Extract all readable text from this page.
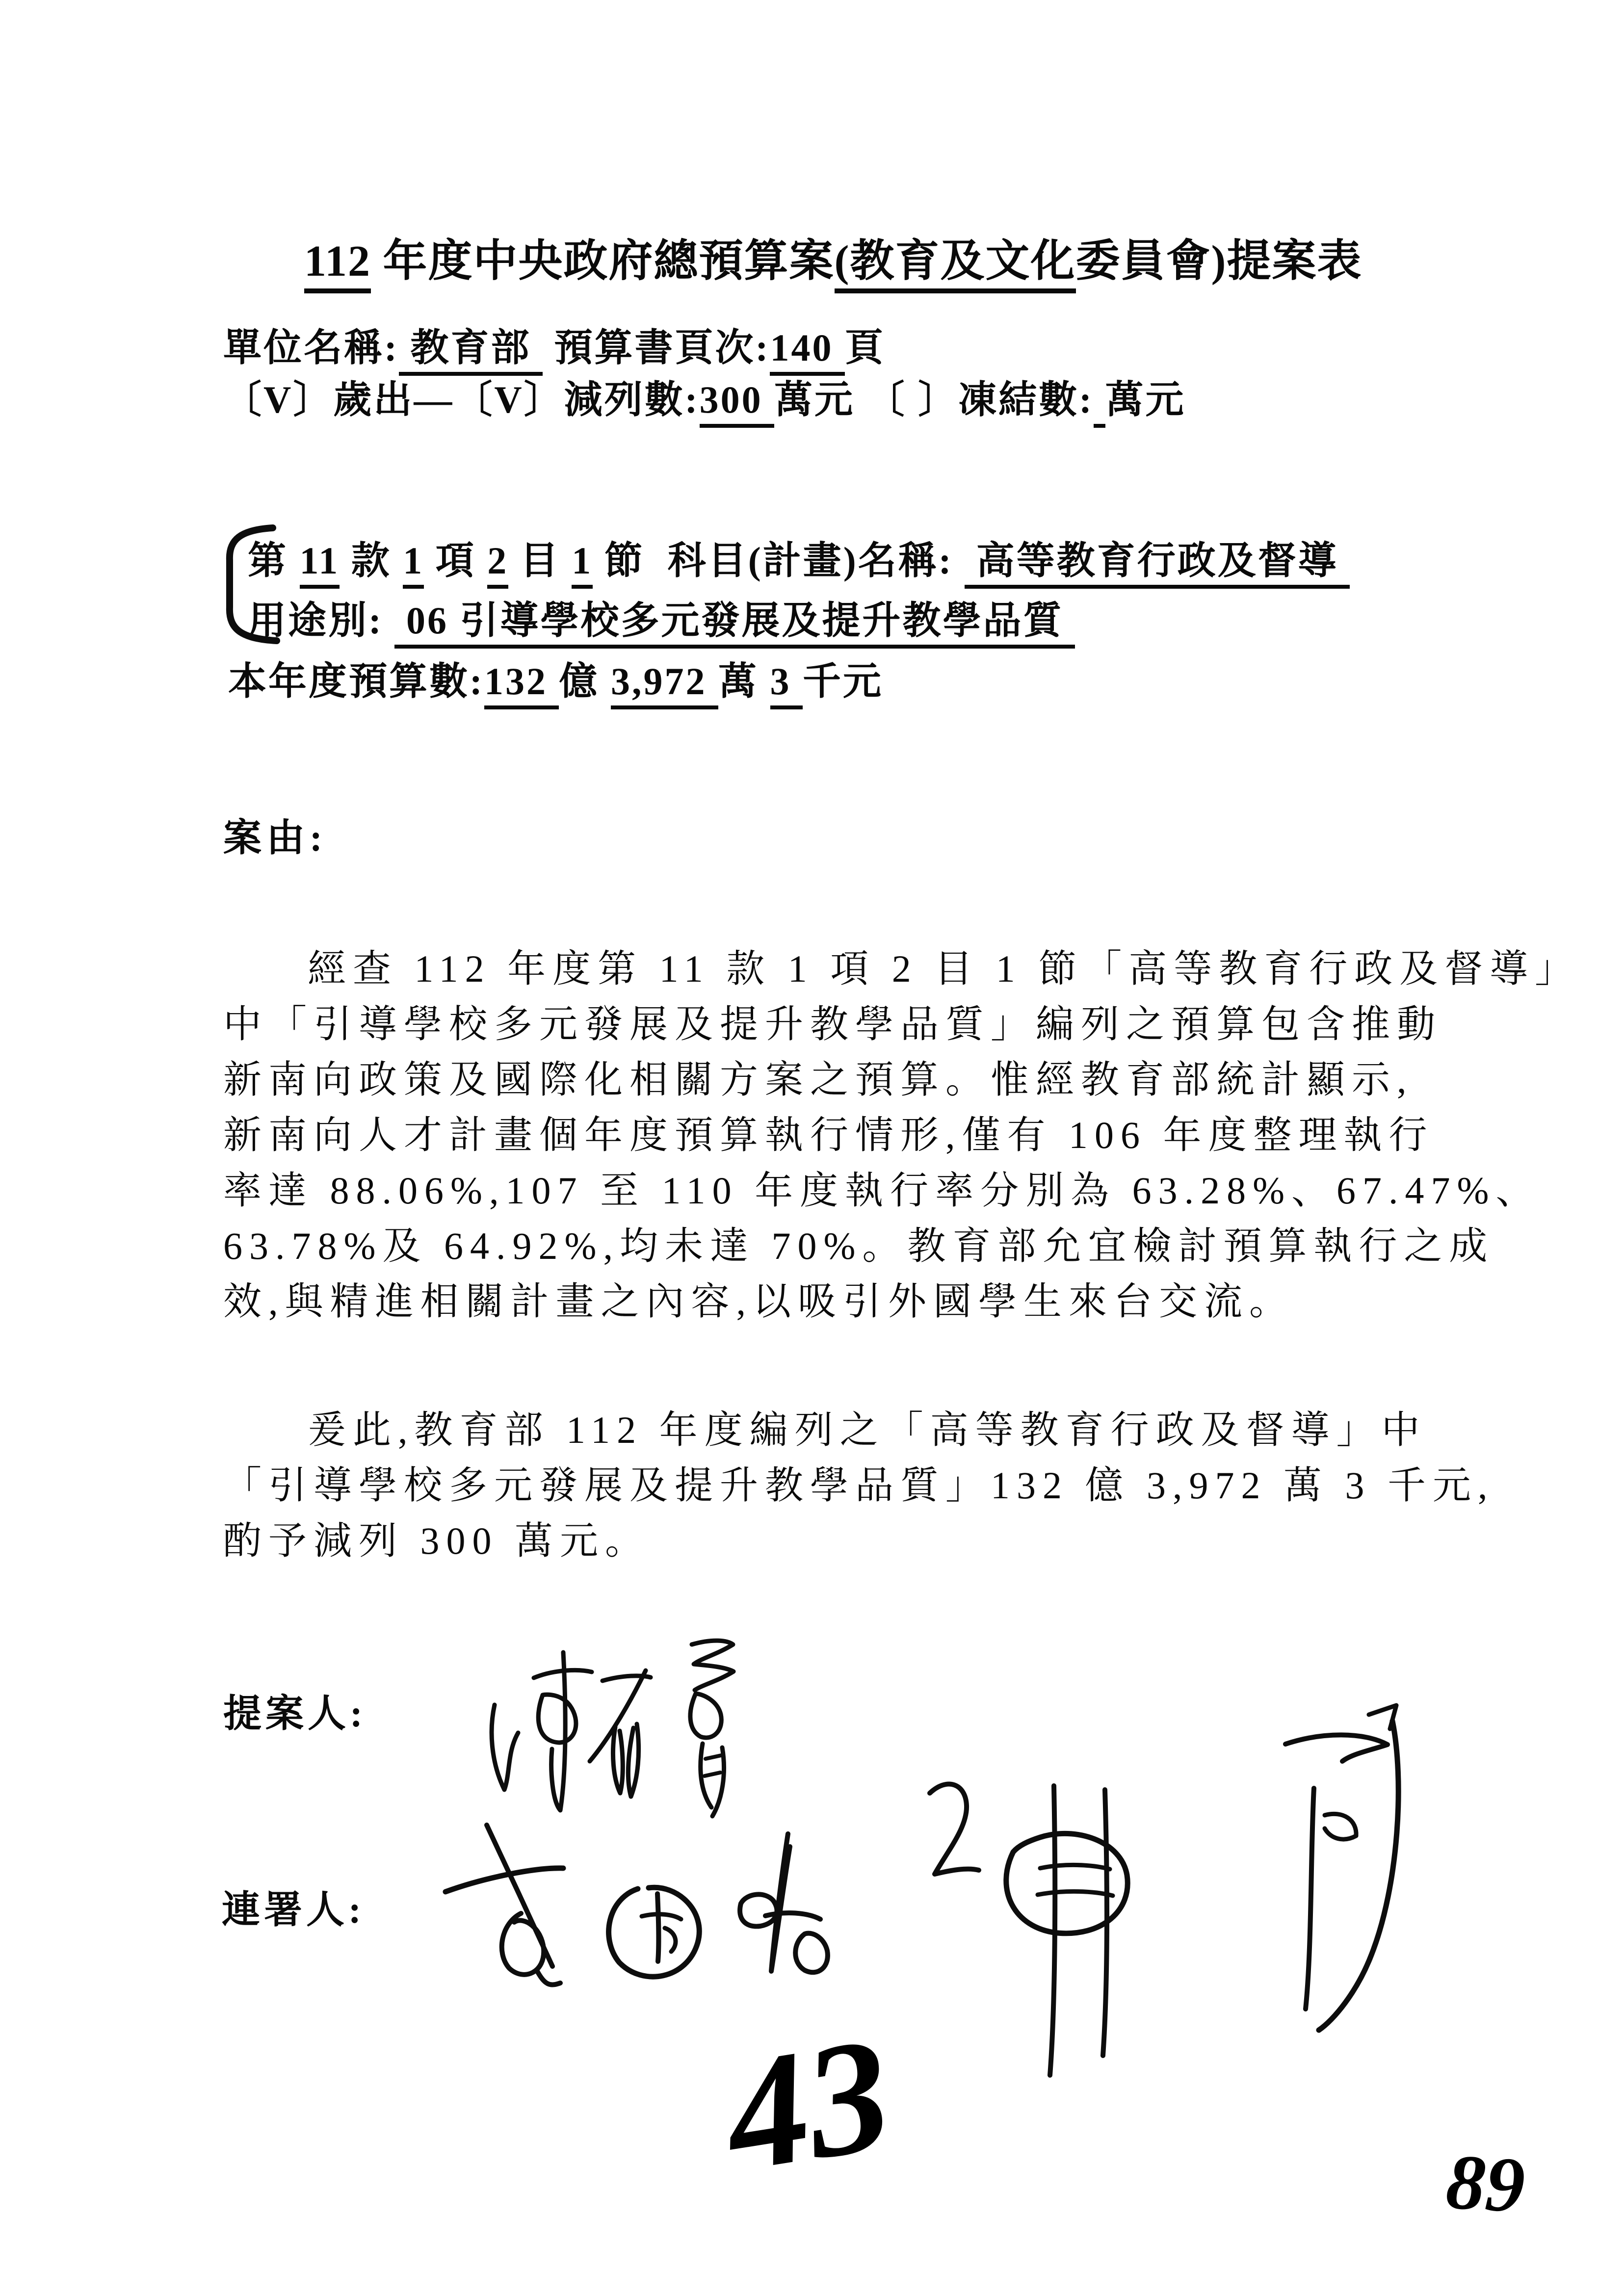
112 年度中央政府總預算案(教育及文化委員會)提案表
單位名稱: 教育部  預算書頁次:140 頁
〔V〕歲出—〔V〕減列數:300 萬元 〔 〕凍結數: 萬元
第 11 款 1 項 2 目 1 節  科目(計畫)名稱:  高等教育行政及督導
用途別:  06 引導學校多元發展及提升教學品質
本年度預算數:132 億 3,972 萬 3 千元
案由:
經查 112 年度第 11 款 1 項 2 目 1 節「高等教育行政及督導」
中「引導學校多元發展及提升教學品質」編列之預算包含推動
新南向政策及國際化相關方案之預算。惟經教育部統計顯示,
新南向人才計畫個年度預算執行情形,僅有 106 年度整理執行
率達 88.06%,107 至 110 年度執行率分別為 63.28%、67.47%、
63.78%及 64.92%,均未達 70%。教育部允宜檢討預算執行之成
效,與精進相關計畫之內容,以吸引外國學生來台交流。
爰此,教育部 112 年度編列之「高等教育行政及督導」中
「引導學校多元發展及提升教學品質」132 億 3,972 萬 3 千元,
酌予減列 300 萬元。
提案人:
連署人:
43	89
